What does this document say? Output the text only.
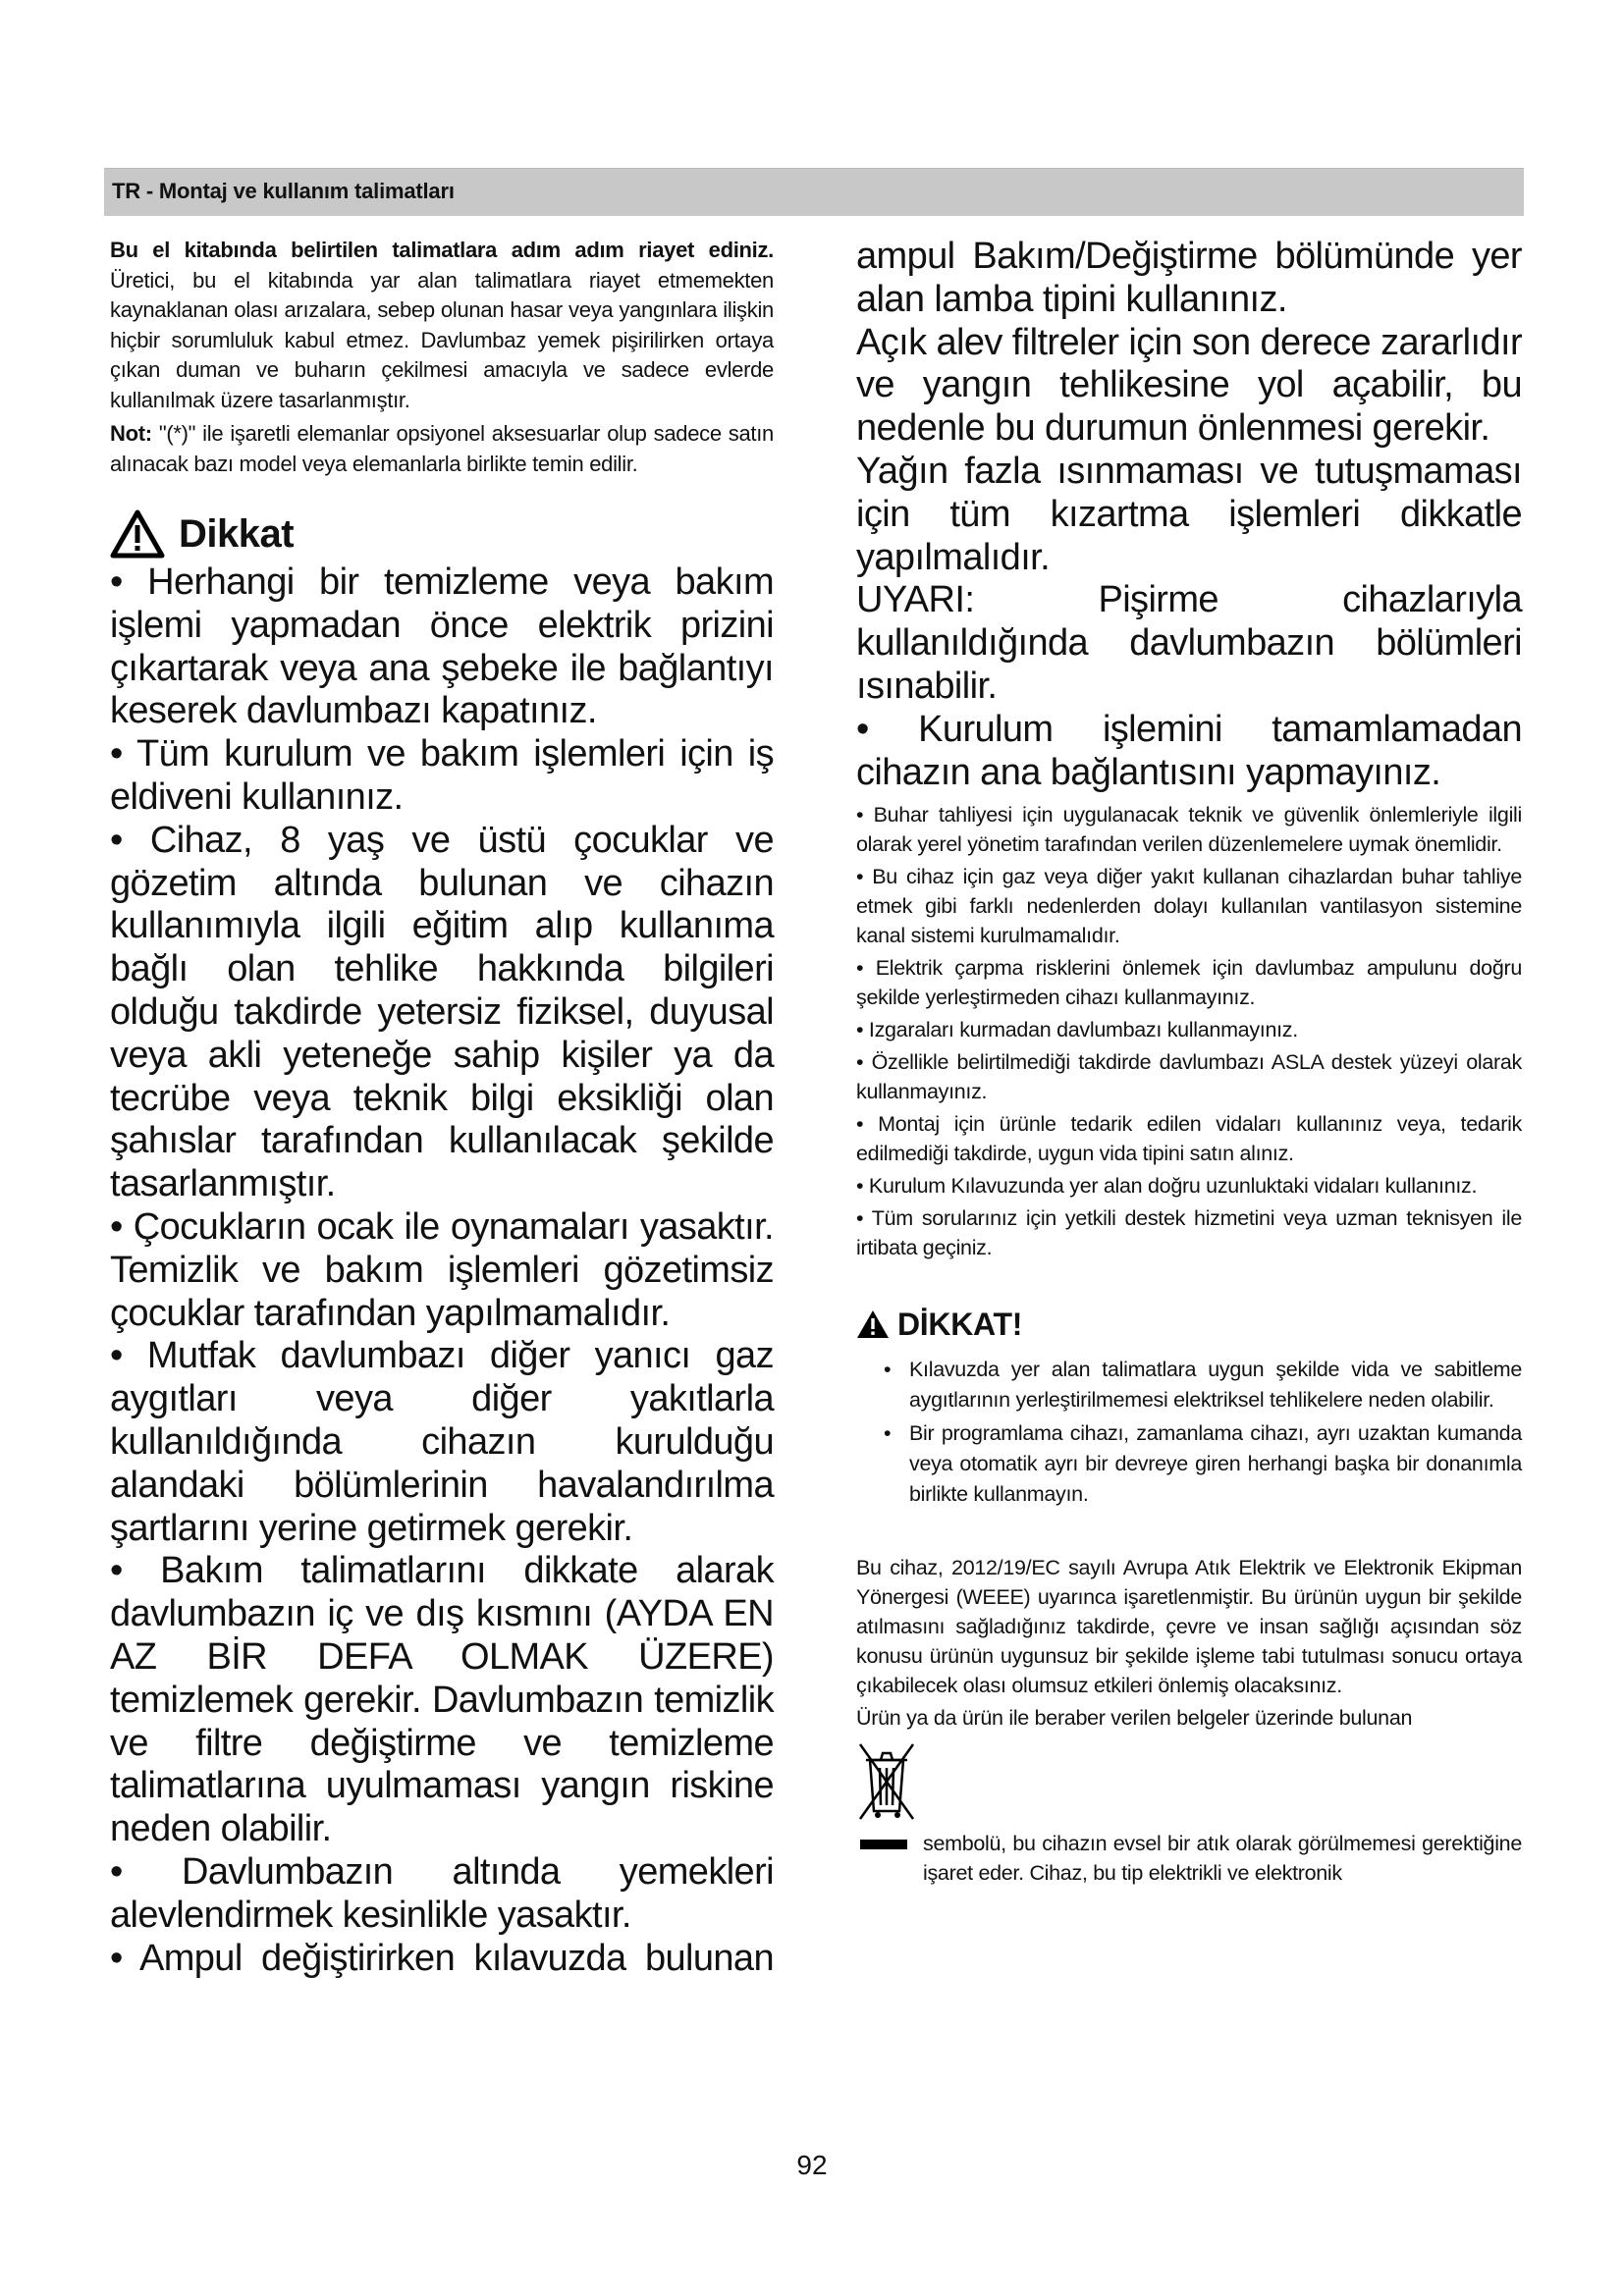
TR - Montaj ve kullanım talimatları

Bu el kitabında belirtilen talimatlara adım adım riayet ediniz. Üretici, bu el kitabında yar alan talimatlara riayet etmemekten kaynaklanan olası arızalara, sebep olunan hasar veya yangınlara ilişkin hiçbir sorumluluk kabul etmez. Davlumbaz yemek pişirilirken ortaya çıkan duman ve buharın çekilmesi amacıyla ve sadece evlerde kullanılmak üzere tasarlanmıştır.

Not: "(*)" ile işaretli elemanlar opsiyonel aksesuarlar olup sadece satın alınacak bazı model veya elemanlarla birlikte temin edilir.

Dikkat

• Herhangi bir temizleme veya bakım işlemi yapmadan önce elektrik prizini çıkartarak veya ana şebeke ile bağlantıyı keserek davlumbazı kapatınız.

• Tüm kurulum ve bakım işlemleri için iş eldiveni kullanınız.

• Cihaz, 8 yaş ve üstü çocuklar ve gözetim altında bulunan ve cihazın kullanımıyla ilgili eğitim alıp kullanıma bağlı olan tehlike hakkında bilgileri olduğu takdirde yetersiz fiziksel, duyusal veya akli yeteneğe sahip kişiler ya da tecrübe veya teknik bilgi eksikliği olan şahıslar tarafından kullanılacak şekilde tasarlanmıştır.

• Çocukların ocak ile oynamaları yasaktır. Temizlik ve bakım işlemleri gözetimsiz çocuklar tarafından yapılmamalıdır.

• Mutfak davlumbazı diğer yanıcı gaz aygıtları veya diğer yakıtlarla kullanıldığında cihazın kurulduğu alandaki bölümlerinin havalandırılma şartlarını yerine getirmek gerekir.

• Bakım talimatlarını dikkate alarak davlumbazın iç ve dış kısmını (AYDA EN AZ BİR DEFA OLMAK ÜZERE) temizlemek gerekir. Davlumbazın temizlik ve filtre değiştirme ve temizleme talimatlarına uyulmaması yangın riskine neden olabilir.

• Davlumbazın altında yemekleri alevlendirmek kesinlikle yasaktır.

• Ampul değiştirirken kılavuzda bulunan

ampul Bakım/Değiştirme bölümünde yer alan lamba tipini kullanınız.

Açık alev filtreler için son derece zararlıdır ve yangın tehlikesine yol açabilir, bu nedenle bu durumun önlenmesi gerekir.

Yağın fazla ısınmaması ve tutuşmaması için tüm kızartma işlemleri dikkatle yapılmalıdır.

UYARI: Pişirme cihazlarıyla kullanıldığında davlumbazın bölümleri ısınabilir.

• Kurulum işlemini tamamlamadan cihazın ana bağlantısını yapmayınız.

• Buhar tahliyesi için uygulanacak teknik ve güvenlik önlemleriyle ilgili olarak yerel yönetim tarafından verilen düzenlemelere uymak önemlidir.

• Bu cihaz için gaz veya diğer yakıt kullanan cihazlardan buhar tahliye etmek gibi farklı nedenlerden dolayı kullanılan vantilasyon sistemine kanal sistemi kurulmamalıdır.

• Elektrik çarpma risklerini önlemek için davlumbaz ampulunu doğru şekilde yerleştirmeden cihazı kullanmayınız.

• Izgaraları kurmadan davlumbazı kullanmayınız.

• Özellikle belirtilmediği takdirde davlumbazı ASLA destek yüzeyi olarak kullanmayınız.

• Montaj için ürünle tedarik edilen vidaları kullanınız veya, tedarik edilmediği takdirde, uygun vida tipini satın alınız.

• Kurulum Kılavuzunda yer alan doğru uzunluktaki vidaları kullanınız.

• Tüm sorularınız için yetkili destek hizmetini veya uzman teknisyen ile irtibata geçiniz.

DİKKAT!
• Kılavuzda yer alan talimatlara uygun şekilde vida ve sabitleme aygıtlarının yerleştirilmemesi elektriksel tehlikelere neden olabilir.
• Bir programlama cihazı, zamanlama cihazı, ayrı uzaktan kumanda veya otomatik ayrı bir devreye giren herhangi başka bir donanımla birlikte kullanmayın.

Bu cihaz, 2012/19/EC sayılı Avrupa Atık Elektrik ve Elektronik Ekipman Yönergesi (WEEE) uyarınca işaretlenmiştir. Bu ürünün uygun bir şekilde atılmasını sağladığınız takdirde, çevre ve insan sağlığı açısından söz konusu ürünün uygunsuz bir şekilde işleme tabi tutulması sonucu ortaya çıkabilecek olası olumsuz etkileri önlemiş olacaksınız.

Ürün ya da ürün ile beraber verilen belgeler üzerinde bulunan

sembolü, bu cihazın evsel bir atık olarak görülmemesi gerektiğine işaret eder. Cihaz, bu tip elektrikli ve elektronik

92
